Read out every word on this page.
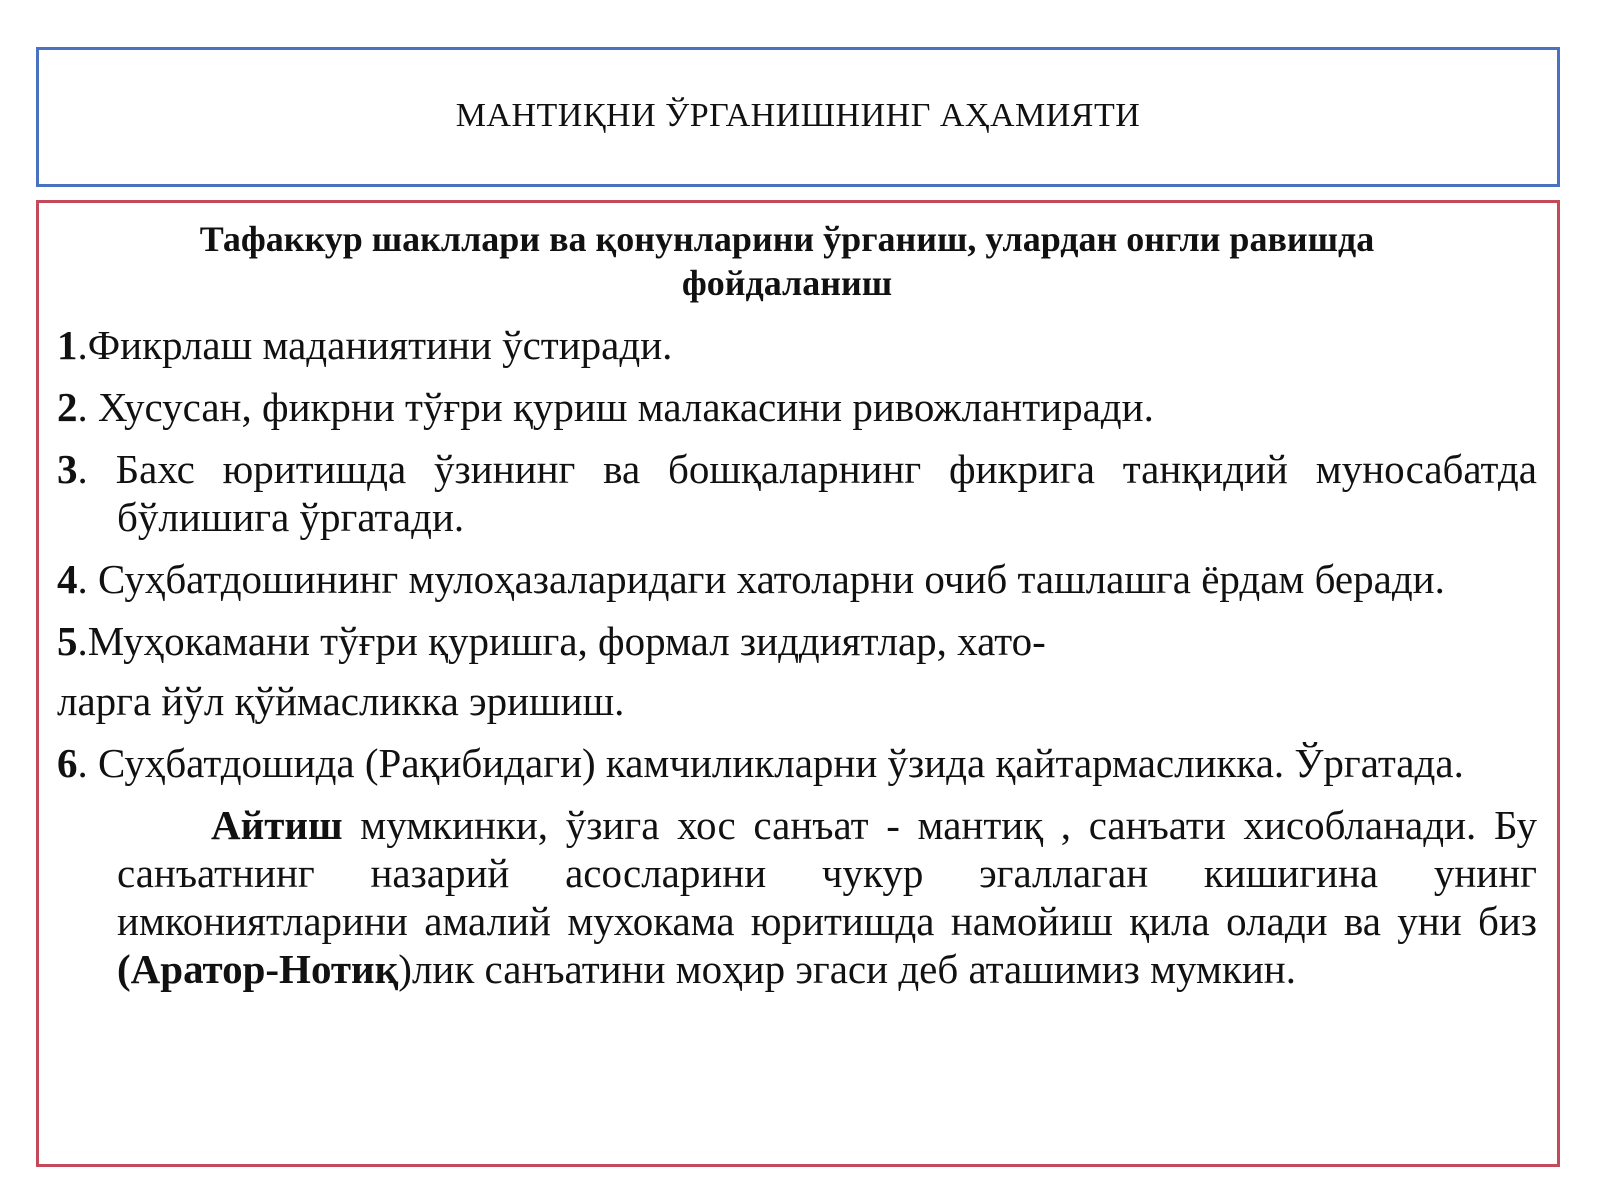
МАНТИҚНИ ЎРГАНИШНИНГ АҲАМИЯТИ
Тафаккур шакллари ва қонунларини ўрганиш, улардан онгли равишда фойдаланиш
1.Фикрлаш маданиятини ўстиради.
2. Хусусан, фикрни тўғри қуриш малакасини ривожлантиради.
3. Бахс юритишда ўзининг ва бошқаларнинг фикрига танқидий муносабатда бўлишига ўргатади.
4. Суҳбатдошининг мулоҳазаларидаги хатоларни очиб ташлашга ёрдам беради.
5.Муҳокамани тўғри қуришга, формал зиддиятлар, хато-
ларга йўл қўймасликка эришиш.
6. Суҳбатдошида (Рақибидаги) камчиликларни ўзида қайтармасликка. Ўргатада.
Айтиш мумкинки, ўзига хос санъат - мантиқ , санъати хисобланади. Бу санъатнинг назарий асосларини чукур эгаллаган кишигина унинг имкониятларини амалий мухокама юритишда намойиш қила олади ва уни биз (Аратор-Нотиқ)лик санъатини моҳир эгаси деб аташимиз мумкин.
